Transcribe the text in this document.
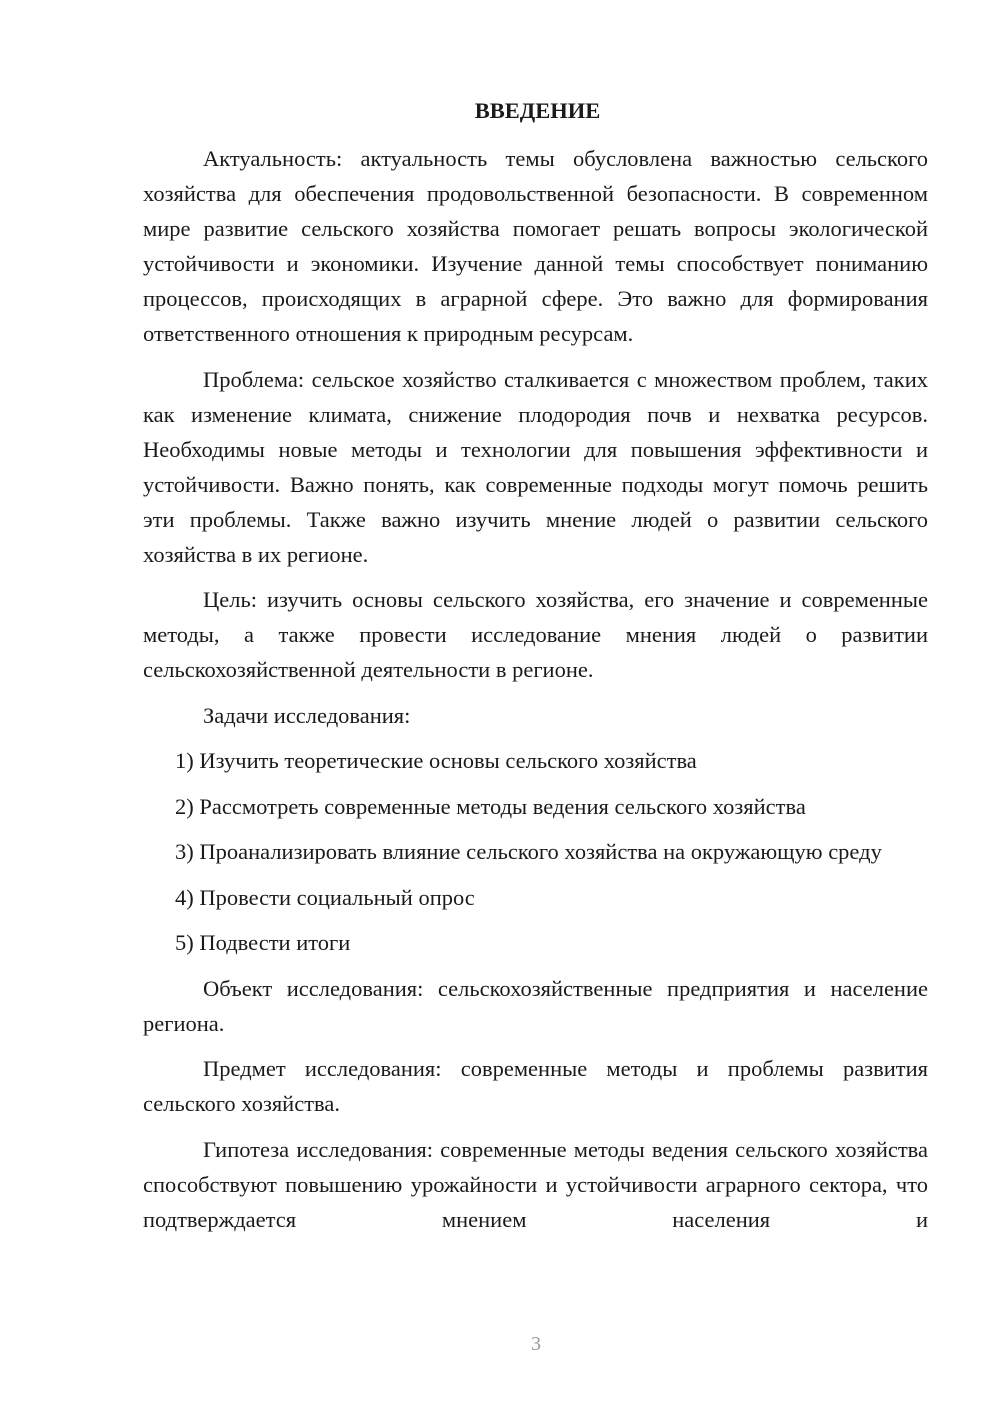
ВВЕДЕНИЕ

Актуальность: актуальность темы обусловлена важностью сельского хозяйства для обеспечения продовольственной безопасности. В современном мире развитие сельского хозяйства помогает решать вопросы экологической устойчивости и экономики. Изучение данной темы способствует пониманию процессов, происходящих в аграрной сфере. Это важно для формирования ответственного отношения к природным ресурсам.

Проблема: сельское хозяйство сталкивается с множеством проблем, таких как изменение климата, снижение плодородия почв и нехватка ресурсов. Необходимы новые методы и технологии для повышения эффективности и устойчивости. Важно понять, как современные подходы могут помочь решить эти проблемы. Также важно изучить мнение людей о развитии сельского хозяйства в их регионе.

Цель: изучить основы сельского хозяйства, его значение и современные методы, а также провести исследование мнения людей о развитии сельскохозяйственной деятельности в регионе.

Задачи исследования:

1) Изучить теоретические основы сельского хозяйства

2) Рассмотреть современные методы ведения сельского хозяйства

3) Проанализировать влияние сельского хозяйства на окружающую среду

4) Провести социальный опрос

5) Подвести итоги

Объект исследования: сельскохозяйственные предприятия и население региона.

Предмет исследования: современные методы и проблемы развития сельского хозяйства.

Гипотеза исследования: современные методы ведения сельского хозяйства способствуют повышению урожайности и устойчивости аграрного сектора, что подтверждается мнением населения и

3
